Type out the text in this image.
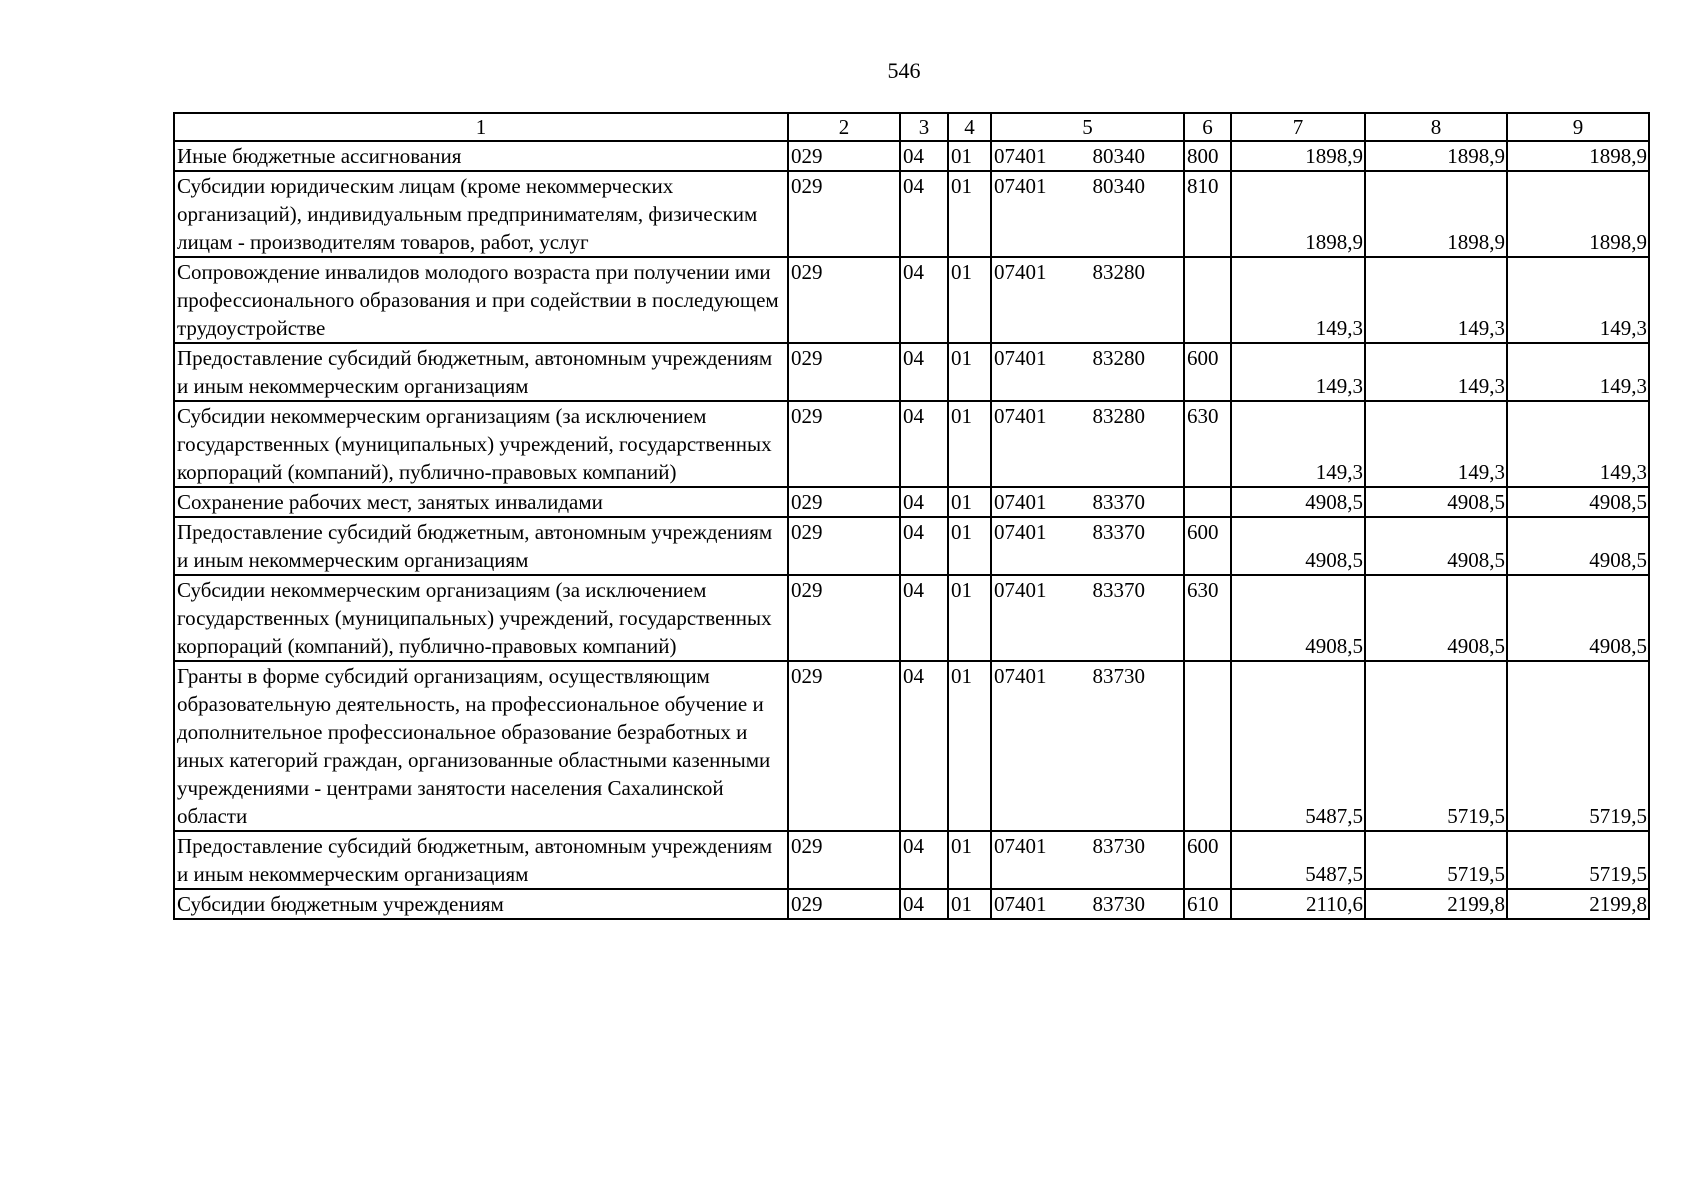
546
1	2	3	4	5	6	7	8	9
Иные бюджетные ассигнования	029	04	01	07401 80340	800	1898,9	1898,9	1898,9
Субсидии юридическим лицам (кроме некоммерческих организаций), индивидуальным предпринимателям, физическим лицам - производителям товаров, работ, услуг	029	04	01	07401 80340	810	1898,9	1898,9	1898,9
Сопровождение инвалидов молодого возраста при получении ими профессионального образования и при содействии в последующем трудоустройстве	029	04	01	07401 83280		149,3	149,3	149,3
Предоставление субсидий бюджетным, автономным учреждениям и иным некоммерческим организациям	029	04	01	07401 83280	600	149,3	149,3	149,3
Субсидии некоммерческим организациям (за исключением государственных (муниципальных) учреждений, государственных корпораций (компаний), публично-правовых компаний)	029	04	01	07401 83280	630	149,3	149,3	149,3
Сохранение рабочих мест, занятых инвалидами	029	04	01	07401 83370		4908,5	4908,5	4908,5
Предоставление субсидий бюджетным, автономным учреждениям и иным некоммерческим организациям	029	04	01	07401 83370	600	4908,5	4908,5	4908,5
Субсидии некоммерческим организациям (за исключением государственных (муниципальных) учреждений, государственных корпораций (компаний), публично-правовых компаний)	029	04	01	07401 83370	630	4908,5	4908,5	4908,5
Гранты в форме субсидий организациям, осуществляющим образовательную деятельность, на профессиональное обучение и дополнительное профессиональное образование безработных и иных категорий граждан, организованные областными казенными учреждениями - центрами занятости населения Сахалинской области	029	04	01	07401 83730		5487,5	5719,5	5719,5
Предоставление субсидий бюджетным, автономным учреждениям и иным некоммерческим организациям	029	04	01	07401 83730	600	5487,5	5719,5	5719,5
Субсидии бюджетным учреждениям	029	04	01	07401 83730	610	2110,6	2199,8	2199,8
